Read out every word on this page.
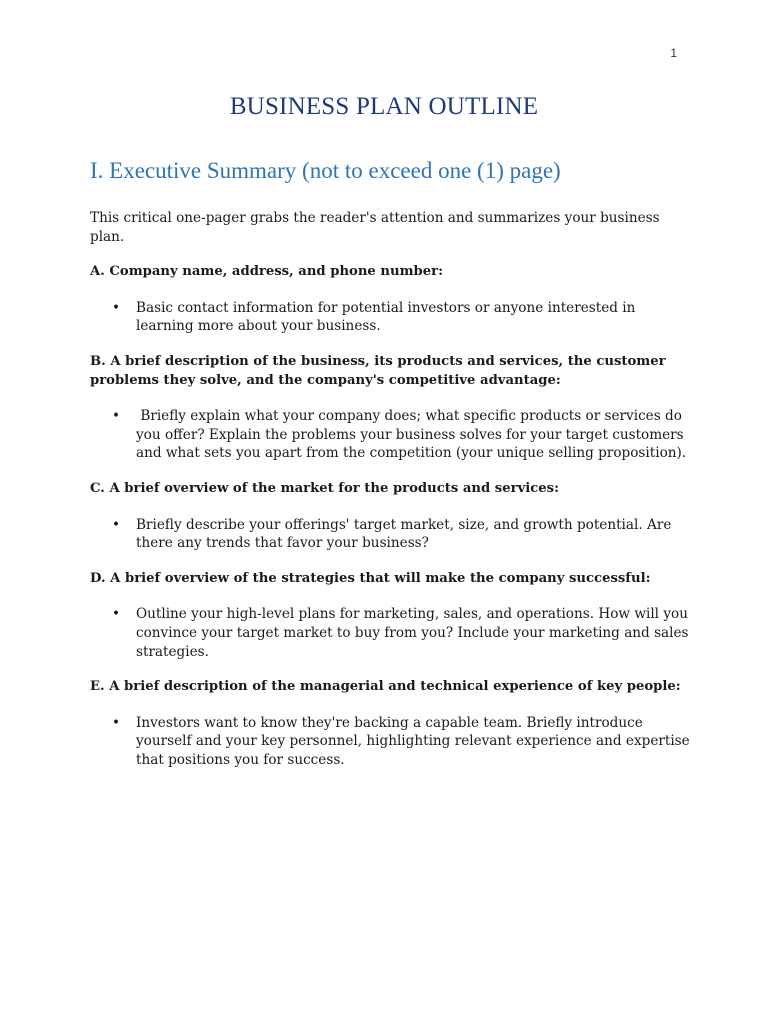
1
BUSINESS PLAN OUTLINE
I. Executive Summary (not to exceed one (1) page)

This critical one-pager grabs the reader's attention and summarizes your business plan.

A. Company name, address, and phone number:

• Basic contact information for potential investors or anyone interested in learning more about your business.

B. A brief description of the business, its products and services, the customer problems they solve, and the company's competitive advantage:

• Briefly explain what your company does; what specific products or services do you offer? Explain the problems your business solves for your target customers and what sets you apart from the competition (your unique selling proposition).

C. A brief overview of the market for the products and services:

• Briefly describe your offerings' target market, size, and growth potential. Are there any trends that favor your business?

D. A brief overview of the strategies that will make the company successful:

• Outline your high-level plans for marketing, sales, and operations. How will you convince your target market to buy from you? Include your marketing and sales strategies.

E. A brief description of the managerial and technical experience of key people:

• Investors want to know they're backing a capable team. Briefly introduce yourself and your key personnel, highlighting relevant experience and expertise that positions you for success.
